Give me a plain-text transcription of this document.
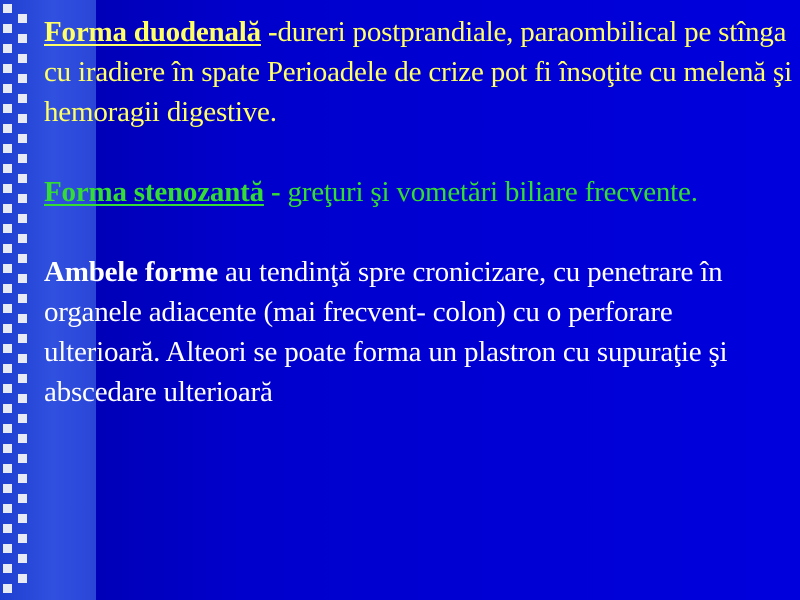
Forma duodenală -dureri postprandiale, paraombilical pe stînga cu iradiere în spate Perioadele de crize pot fi însoţite cu melenă şi hemoragii digestive.

Forma stenozantă - greţuri şi vometări biliare frecvente.

Ambele forme au tendinţă spre cronicizare, cu penetrare în organele adiacente (mai frecvent- colon) cu o perforare ulterioară. Alteori se poate forma un plastron cu supuraţie şi abscedare ulterioară
